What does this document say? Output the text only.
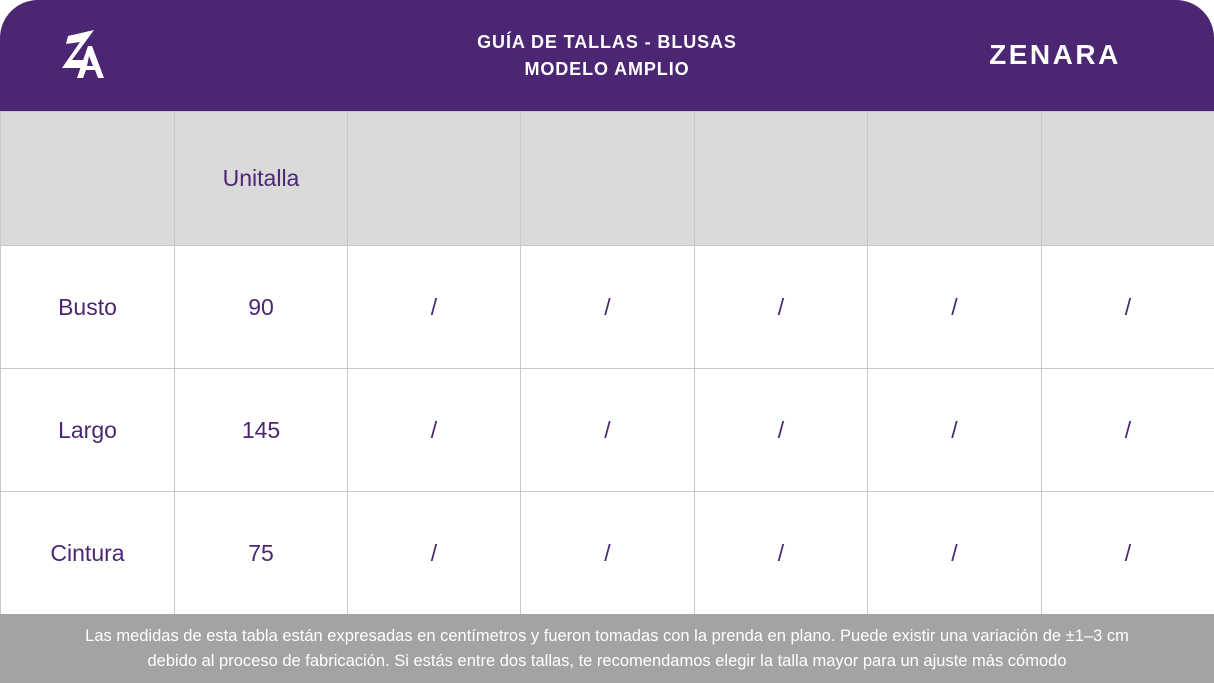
GUÍA DE TALLAS - BLUSAS
MODELO AMPLIO	ZENARA
	Unitalla					
Busto	90	/	/	/	/	/
Largo	145	/	/	/	/	/
Cintura	75	/	/	/	/	/
Las medidas de esta tabla están expresadas en centímetros y fueron tomadas con la prenda en plano. Puede existir una variación de ±1–3 cm
debido al proceso de fabricación. Si estás entre dos tallas, te recomendamos elegir la talla mayor para un ajuste más cómodo
